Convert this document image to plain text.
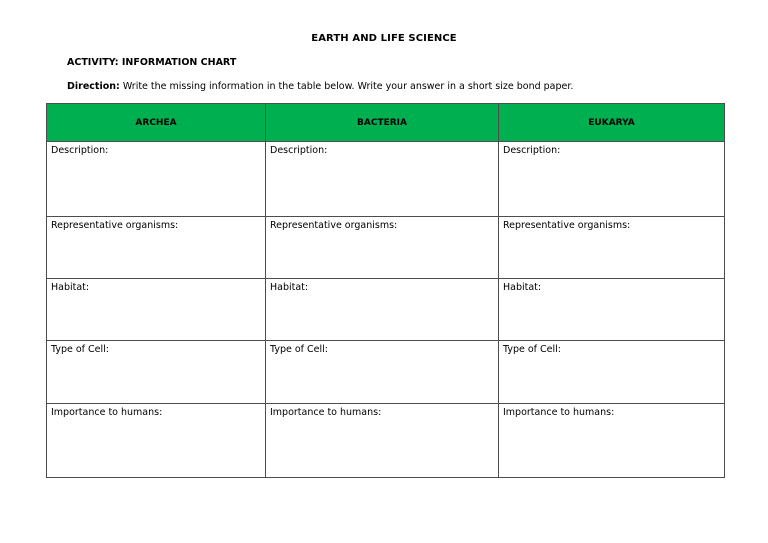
EARTH AND LIFE SCIENCE
ACTIVITY: INFORMATION CHART
Direction: Write the missing information in the table below. Write your answer in a short size bond paper.
ARCHEA	BACTERIA	EUKARYA
Description:	Description:	Description:
Representative organisms:	Representative organisms:	Representative organisms:
Habitat:	Habitat:	Habitat:
Type of Cell:	Type of Cell:	Type of Cell:
Importance to humans:	Importance to humans:	Importance to humans:
